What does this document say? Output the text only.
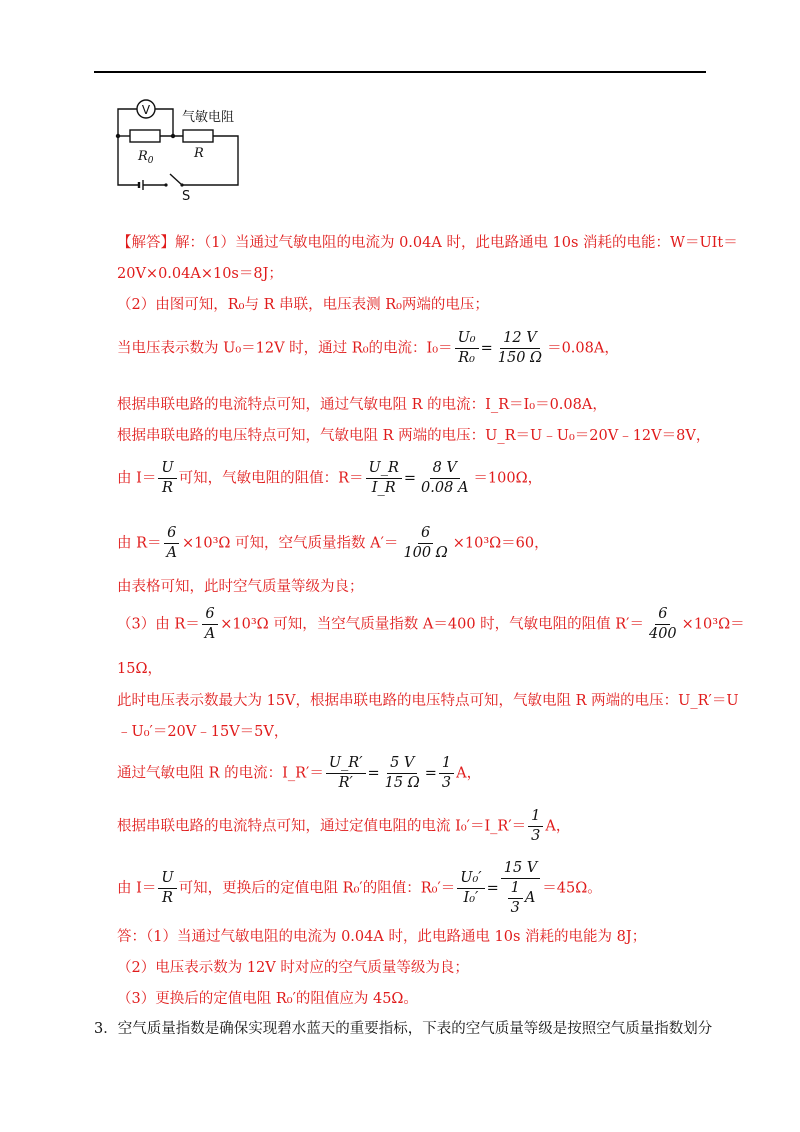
V 气敏电阻
$R_0$	R
S
【解答】解：（1）当通过气敏电阻的电流为 0.04A 时，此电路通电 10s 消耗的电能：W＝UIt＝
20V×0.04A×10s＝8J；
（2）由图可知，R₀与 R 串联，电压表测 R₀两端的电压；
当电压表示数为 U₀＝12V 时，通过 R₀的电流：$I_0= \frac{\text{U₀}}{\text{R₀}} = \frac{12 V}{150 \Omega} =0.08A$，
根据串联电路的电流特点可知，通过气敏电阻 R 的电流：I_R＝I₀＝0.08A，
根据串联电路的电压特点可知，气敏电阻 R 两端的电压：U_R＝U﹣U₀＝20V﹣12V＝8V，
由 $I= \frac{U}{R}$ 可知，气敏电阻的阻值：$R= \frac{U\_R}{I\_R} = \frac{8 V}{0.08 A} =100\Omega$，
由 $R= \frac{6}{A} \times 10^3\Omega$ 可知，空气质量指数 $A'= \frac{6}{100 \Omega} \times 10^3\Omega=60$，
由表格可知，此时空气质量等级为良；
（3）由 $R= \frac{6}{A} \times 10^3\Omega$ 可知，当空气质量指数 A＝400 时，气敏电阻的阻值 $R'= \frac{6}{400} \times 10^3\Omega=$
15Ω，
此时电压表示数最大为 15V，根据串联电路的电压特点可知，气敏电阻 R 两端的电压：U_R′＝U
﹣U₀′＝20V﹣15V＝5V，
通过气敏电阻 R 的电流：I_R′＝ $\frac{U\_R'}{R'} = \frac{5 V}{15 \Omega} = \frac{1}{3}$ A，
根据串联电路的电流特点可知，通过定值电阻的电流 I₀′＝I_R′＝ $\frac{1}{3}$ A，
由 $I= \frac{U}{R}$ 可知，更换后的定值电阻 R₀′的阻值：$R_0'= \frac{\text{U₀′}}{\text{I₀′}} = \frac{15 V}{\frac{1}{3} A} =45\Omega$。
答：（1）当通过气敏电阻的电流为 0.04A 时，此电路通电 10s 消耗的电能为 8J；
（2）电压表示数为 12V 时对应的空气质量等级为良；
（3）更换后的定值电阻 R₀′的阻值应为 45Ω。
3．空气质量指数是确保实现碧水蓝天的重要指标，下表的空气质量等级是按照空气质量指数划分
